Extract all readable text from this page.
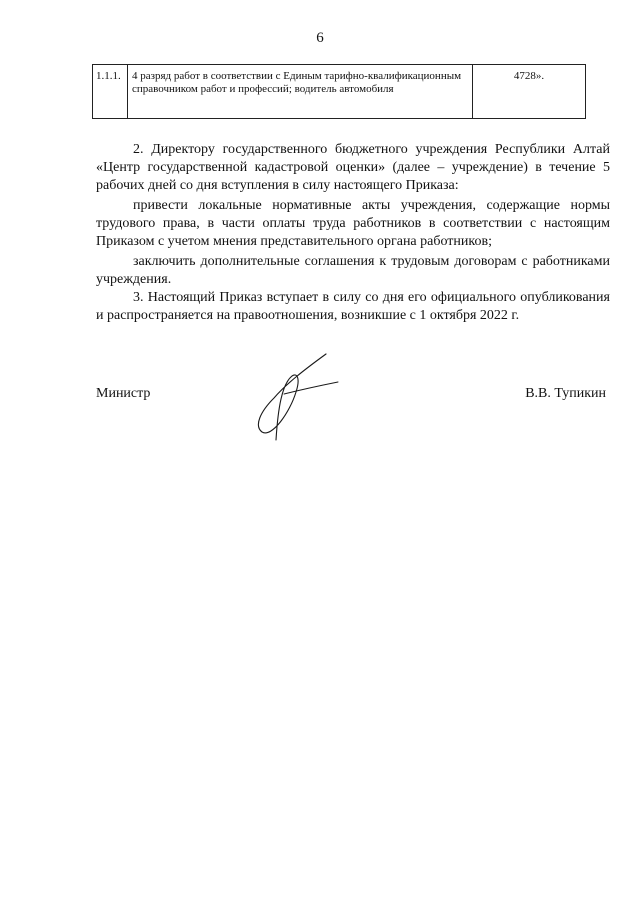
6
1.1.1.	4 разряд работ в соответствии с Единым тарифно-квалификационным справочником работ и профессий; водитель автомобиля	4728».

2. Директору государственного бюджетного учреждения Республики Алтай «Центр государственной кадастровой оценки» (далее – учреждение) в течение 5 рабочих дней со дня вступления в силу настоящего Приказа:

привести локальные нормативные акты учреждения, содержащие нормы трудового права, в части оплаты труда работников в соответствии с настоящим Приказом с учетом мнения представительного органа работников;

заключить дополнительные соглашения к трудовым договорам с работниками учреждения.

3. Настоящий Приказ вступает в силу со дня его официального опубликования и распространяется на правоотношения, возникшие с 1 октября 2022 г.

Министр	В.В. Тупикин
